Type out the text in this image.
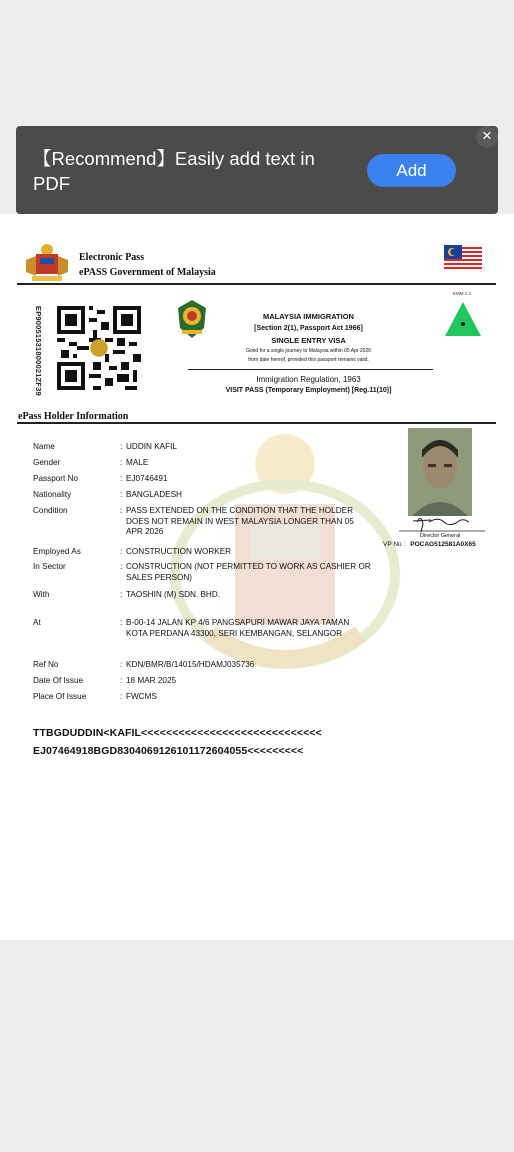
【Recommend】Easily add text in PDF
Add
×
Electronic Pass
ePASS Government of Malaysia
EP90051531800021ZF39
EMM 1.2
MALAYSIA IMMIGRATION
[Section 2(1), Passport Act 1966]
SINGLE ENTRY VISA
Good for a single journey to Malaysia within 05 Apr 2026
from date hereof, provided this passport remains valid.
Immigration Regulation, 1963
VISIT PASS (Temporary Employment) [Reg.11(10)]
ePass Holder Information
Name	: UDDIN KAFIL
Gender	: MALE
Passport No	: EJ0746491
Nationality	: BANGLADESH
Condition	: PASS EXTENDED ON THE CONDITION THAT THE HOLDER DOES NOT REMAIN IN WEST MALAYSIA LONGER THAN 05 APR 2026
Employed As	: CONSTRUCTION WORKER
In Sector	: CONSTRUCTION (NOT PERMITTED TO WORK AS CASHIER OR SALES PERSON)
With	: TAOSHIN (M) SDN. BHD.
At	: B-00-14 JALAN KP 4/6 PANGSAPURI MAWAR JAYA TAMAN KOTA PERDANA 43300, SERI KEMBANGAN, SELANGOR
Ref No	: KDN/BMR/B/14015/HDAMJ035736
Date Of Issue	: 18 MAR 2025
Place Of Issue	: FWCMS
Director General
VP No : POCAG512581A0X65
TTBGDUDDIN<KAFIL<<<<<<<<<<<<<<<<<<<<<<<<<<<<<
EJ07464918BGD8304069126101172604055<<<<<<<<<
